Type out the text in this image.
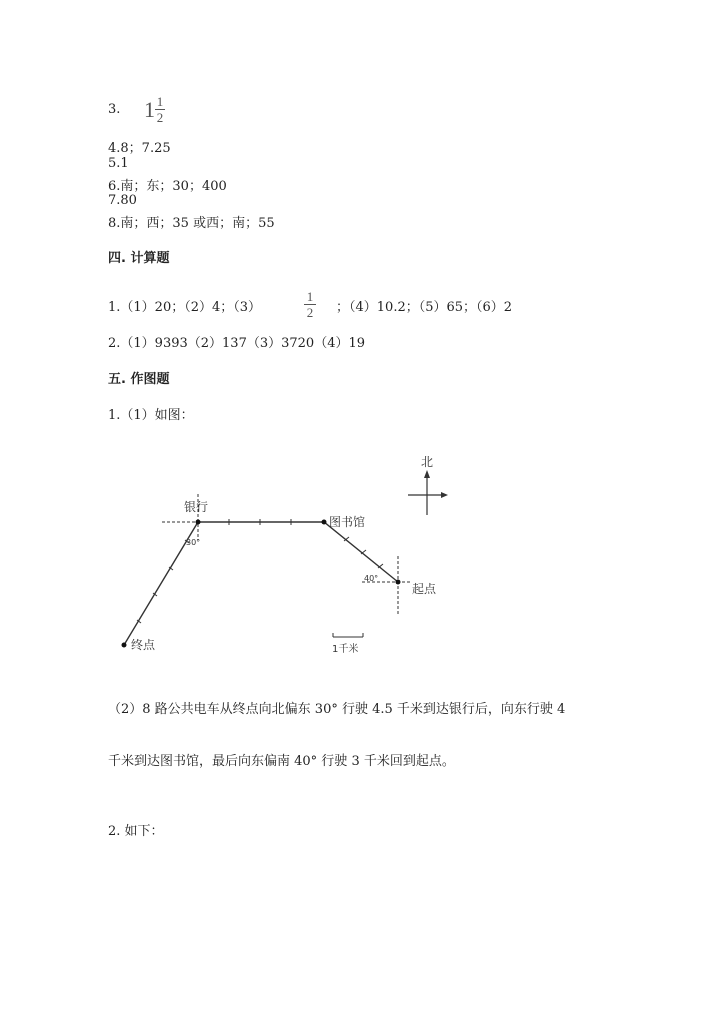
3. 1 1
2
4.8；7.25
5.1
6.南；东；30；400
7.80
8.南；西；35 或西；南；55
四. 计算题
1.（1）20；（2）4；（3）
1
2 ；（4）10.2；（5）65；（6）2
2.（1）9393（2）137（3）3720（4）19
五. 作图题
1.（1）如图：
北
银行
图书馆
起点
终点
30°
40°
1千米
（2）8 路公共电车从终点向北偏东 30° 行驶 4.5 千米到达银行后，向东行驶 4
千米到达图书馆，最后向东偏南 40° 行驶 3 千米回到起点。
2. 如下：
